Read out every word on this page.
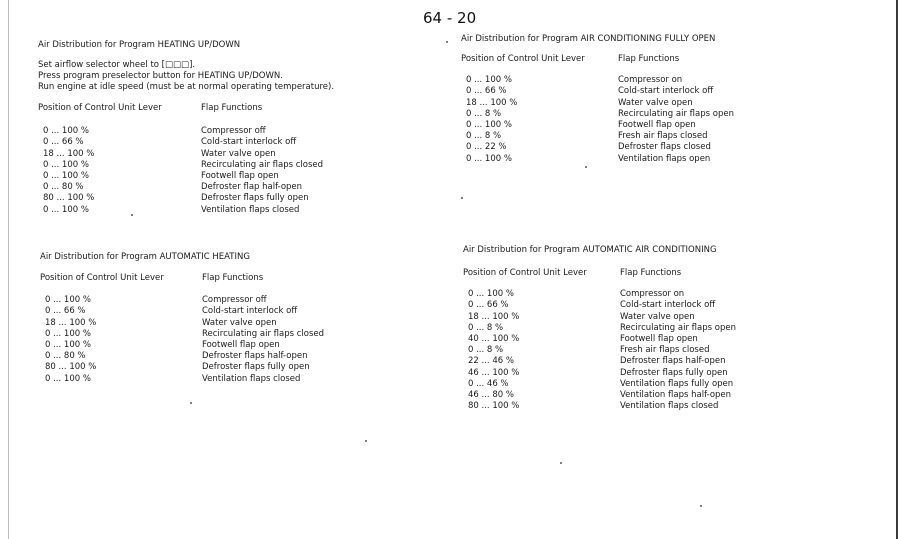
64 - 20
Air Distribution for Program HEATING UP/DOWN
Set airflow selector wheel to [□□□].
Press program preselector button for HEATING UP/DOWN.
Run engine at idle speed (must be at normal operating temperature).
Position of Control Unit Lever	Flap Functions
0 ... 100 %	Compressor off
0 ... 66 %	Cold-start interlock off
18 ... 100 %	Water valve open
0 ... 100 %	Recirculating air flaps closed
0 ... 100 %	Footwell flap open
0 ... 80 %	Defroster flap half-open
80 ... 100 %	Defroster flaps fully open
0 ... 100 %	Ventilation flaps closed
Air Distribution for Program AIR CONDITIONING FULLY OPEN
Position of Control Unit Lever	Flap Functions
0 ... 100 %	Compressor on
0 ... 66 %	Cold-start interlock off
18 ... 100 %	Water valve open
0 ... 8 %	Recirculating air flaps open
0 ... 100 %	Footwell flap open
0 ... 8 %	Fresh air flaps closed
0 ... 22 %	Defroster flaps closed
0 ... 100 %	Ventilation flaps open
Air Distribution for Program AUTOMATIC HEATING
Position of Control Unit Lever	Flap Functions
0 ... 100 %	Compressor off
0 ... 66 %	Cold-start interlock off
18 ... 100 %	Water valve open
0 ... 100 %	Recirculating air flaps closed
0 ... 100 %	Footwell flap open
0 ... 80 %	Defroster flaps half-open
80 ... 100 %	Defroster flaps fully open
0 ... 100 %	Ventilation flaps closed
Air Distribution for Program AUTOMATIC AIR CONDITIONING
Position of Control Unit Lever	Flap Functions
0 ... 100 %	Compressor on
0 ... 66 %	Cold-start interlock off
18 ... 100 %	Water valve open
0 ... 8 %	Recirculating air flaps open
40 ... 100 %	Footwell flap open
0 ... 8 %	Fresh air flaps closed
22 ... 46 %	Defroster flaps half-open
46 ... 100 %	Defroster flaps fully open
0 ... 46 %	Ventilation flaps fully open
46 ... 80 %	Ventilation flaps half-open
80 ... 100 %	Ventilation flaps closed
